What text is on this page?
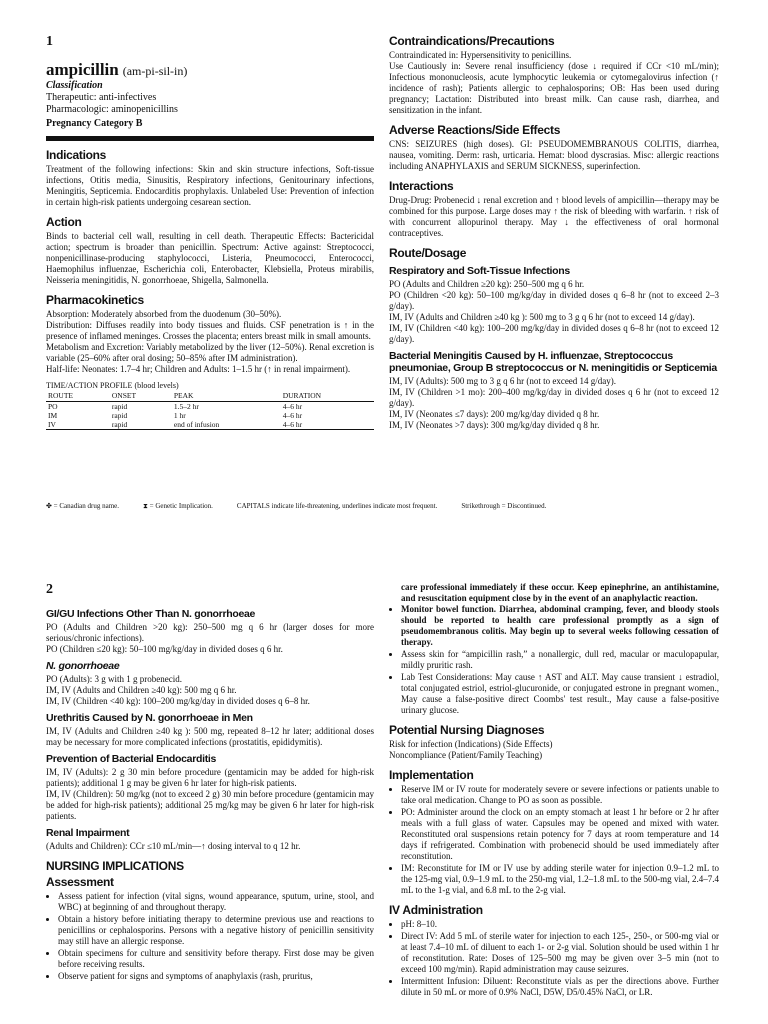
1
ampicillin (am-pi-sil-in)
Classification
Therapeutic: anti-infectives
Pharmacologic: aminopenicillins
Pregnancy Category B
Indications

Treatment of the following infections: Skin and skin structure infections, Soft-tissue infections, Otitis media, Sinusitis, Respiratory infections, Genitourinary infections, Meningitis, Septicemia. Endocarditis prophylaxis. Unlabeled Use: Prevention of infection in certain high-risk patients undergoing cesarean section.

Action

Binds to bacterial cell wall, resulting in cell death. Therapeutic Effects: Bactericidal action; spectrum is broader than penicillin. Spectrum: Active against: Streptococci, nonpenicillinase-producing staphylococci, Listeria, Pneumococci, Enterococci, Haemophilus influenzae, Escherichia coli, Enterobacter, Klebsiella, Proteus mirabilis, Neisseria meningitidis, N. gonorrhoeae, Shigella, Salmonella.

Pharmacokinetics

Absorption: Moderately absorbed from the duodenum (30–50%).

Distribution: Diffuses readily into body tissues and fluids. CSF penetration is ↑ in the presence of inflamed meninges. Crosses the placenta; enters breast milk in small amounts.

Metabolism and Excretion: Variably metabolized by the liver (12–50%). Renal excretion is variable (25–60% after oral dosing; 50–85% after IM administration).

Half-life: Neonates: 1.7–4 hr; Children and Adults: 1–1.5 hr (↑ in renal impairment).

TIME/ACTION PROFILE (blood levels)
ROUTE	ONSET	PEAK	DURATION
PO	rapid	1.5–2 hr	4–6 hr
IM	rapid	1 hr	4–6 hr
IV	rapid	end of infusion	4–6 hr
Contraindications/Precautions

Contraindicated in: Hypersensitivity to penicillins.

Use Cautiously in: Severe renal insufficiency (dose ↓ required if CCr <10 mL/min); Infectious mononucleosis, acute lymphocytic leukemia or cytomegalovirus infection (↑ incidence of rash); Patients allergic to cephalosporins; OB: Has been used during pregnancy; Lactation: Distributed into breast milk. Can cause rash, diarrhea, and sensitization in the infant.

Adverse Reactions/Side Effects

CNS: SEIZURES (high doses). GI: PSEUDOMEMBRANOUS COLITIS, diarrhea, nausea, vomiting. Derm: rash, urticaria. Hemat: blood dyscrasias. Misc: allergic reactions including ANAPHYLAXIS and SERUM SICKNESS, superinfection.

Interactions

Drug-Drug: Probenecid ↓ renal excretion and ↑ blood levels of ampicillin—therapy may be combined for this purpose. Large doses may ↑ the risk of bleeding with warfarin. ↑ risk of with concurrent allopurinol therapy. May ↓ the effectiveness of oral hormonal contraceptives.

Route/Dosage
Respiratory and Soft-Tissue Infections

PO (Adults and Children ≥20 kg): 250–500 mg q 6 hr.

PO (Children <20 kg): 50–100 mg/kg/day in divided doses q 6–8 hr (not to exceed 2–3 g/day).

IM, IV (Adults and Children ≥40 kg ): 500 mg to 3 g q 6 hr (not to exceed 14 g/day).

IM, IV (Children <40 kg): 100–200 mg/kg/day in divided doses q 6–8 hr (not to exceed 12 g/day).

Bacterial Meningitis Caused by H. influenzae, Streptococcus pneumoniae, Group B streptococcus or N. meningitidis or Septicemia

IM, IV (Adults): 500 mg to 3 g q 6 hr (not to exceed 14 g/day).

IM, IV (Children >1 mo): 200–400 mg/kg/day in divided doses q 6 hr (not to exceed 12 g/day).

IM, IV (Neonates ≤7 days): 200 mg/kg/day divided q 8 hr.

IM, IV (Neonates >7 days): 300 mg/kg/day divided q 8 hr.

✤ = Canadian drug name.	⧗ = Genetic Implication.	CAPITALS indicate life-threatening, underlines indicate most frequent.	Strikethrough = Discontinued.
2
GI/GU Infections Other Than N. gonorrhoeae

PO (Adults and Children >20 kg): 250–500 mg q 6 hr (larger doses for more serious/chronic infections).

PO (Children ≤20 kg): 50–100 mg/kg/day in divided doses q 6 hr.

N. gonorrhoeae

PO (Adults): 3 g with 1 g probenecid.

IM, IV (Adults and Children ≥40 kg): 500 mg q 6 hr.

IM, IV (Children <40 kg): 100–200 mg/kg/day in divided doses q 6–8 hr.

Urethritis Caused by N. gonorrhoeae in Men

IM, IV (Adults and Children ≥40 kg ): 500 mg, repeated 8–12 hr later; additional doses may be necessary for more complicated infections (prostatitis, epididymitis).

Prevention of Bacterial Endocarditis

IM, IV (Adults): 2 g 30 min before procedure (gentamicin may be added for high-risk patients); additional 1 g may be given 6 hr later for high-risk patients.

IM, IV (Children): 50 mg/kg (not to exceed 2 g) 30 min before procedure (gentamicin may be added for high-risk patients); additional 25 mg/kg may be given 6 hr later for high-risk patients.

Renal Impairment

(Adults and Children): CCr ≤10 mL/min—↑ dosing interval to q 12 hr.

NURSING IMPLICATIONS
Assessment
• Assess patient for infection (vital signs, wound appearance, sputum, urine, stool, and WBC) at beginning of and throughout therapy.
• Obtain a history before initiating therapy to determine previous use and reactions to penicillins or cephalosporins. Persons with a negative history of penicillin sensitivity may still have an allergic response.
• Obtain specimens for culture and sensitivity before therapy. First dose may be given before receiving results.
• Observe patient for signs and symptoms of anaphylaxis (rash, pruritus,

care professional immediately if these occur. Keep epinephrine, an antihistamine, and resuscitation equipment close by in the event of an anaphylactic reaction.

• Monitor bowel function. Diarrhea, abdominal cramping, fever, and bloody stools should be reported to health care professional promptly as a sign of pseudomembranous colitis. May begin up to several weeks following cessation of therapy.
• Assess skin for “ampicillin rash,” a nonallergic, dull red, macular or maculopapular, mildly pruritic rash.
• Lab Test Considerations: May cause ↑ AST and ALT. May cause transient ↓ estradiol, total conjugated estriol, estriol-glucuronide, or conjugated estrone in pregnant women., May cause a false-positive direct Coombs' test result., May cause a false-positive urinary glucose.
Potential Nursing Diagnoses

Risk for infection (Indications) (Side Effects)

Noncompliance (Patient/Family Teaching)

Implementation
• Reserve IM or IV route for moderately severe or severe infections or patients unable to take oral medication. Change to PO as soon as possible.
• PO: Administer around the clock on an empty stomach at least 1 hr before or 2 hr after meals with a full glass of water. Capsules may be opened and mixed with water. Reconstituted oral suspensions retain potency for 7 days at room temperature and 14 days if refrigerated. Combination with probenecid should be used immediately after reconstitution.
• IM: Reconstitute for IM or IV use by adding sterile water for injection 0.9–1.2 mL to the 125-mg vial, 0.9–1.9 mL to the 250-mg vial, 1.2–1.8 mL to the 500-mg vial, 2.4–7.4 mL to the 1-g vial, and 6.8 mL to the 2-g vial.
IV Administration
• pH: 8–10.
• Direct IV: Add 5 mL of sterile water for injection to each 125-, 250-, or 500-mg vial or at least 7.4–10 mL of diluent to each 1- or 2-g vial. Solution should be used within 1 hr of reconstitution. Rate: Doses of 125–500 mg may be given over 3–5 min (not to exceed 100 mg/min). Rapid administration may cause seizures.
• Intermittent Infusion: Diluent: Reconstitute vials as per the directions above. Further dilute in 50 mL or more of 0.9% NaCl, D5W, D5/0.45% NaCl, or LR.
